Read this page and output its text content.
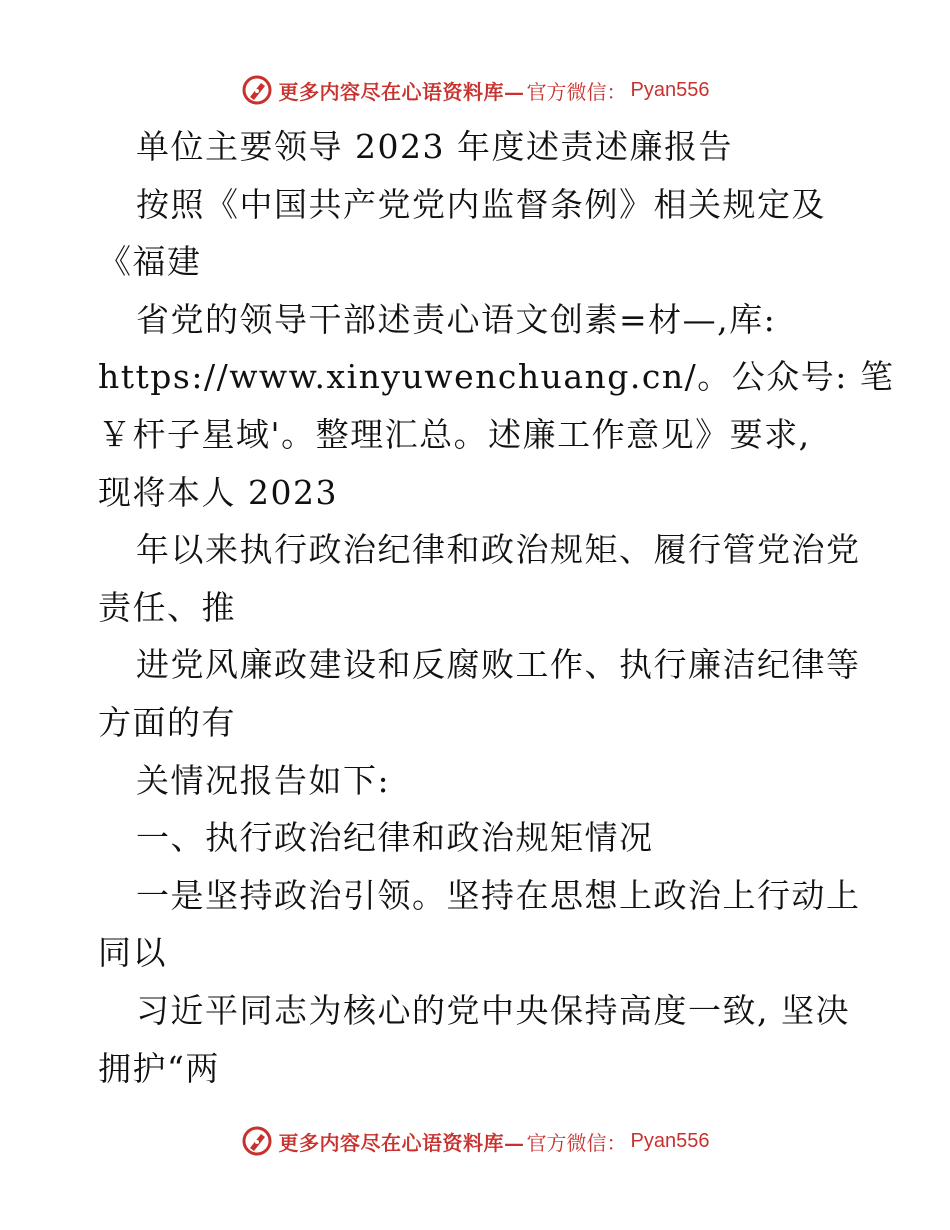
更多内容尽在心语资料库— 官方微信： Pyan556
单位主要领导 2023 年度述责述廉报告
按照《中国共产党党内监督条例》相关规定及
《福建
省党的领导干部述责心语文创素=材—,库:
https://www.xinyuwenchuang.cn/。公众号: 笔
￥杆子星域'。整理汇总。述廉工作意见》要求,
现将本人 2023
年以来执行政治纪律和政治规矩、履行管党治党
责任、推
进党风廉政建设和反腐败工作、执行廉洁纪律等
方面的有
关情况报告如下:
一、执行政治纪律和政治规矩情况
一是坚持政治引领。坚持在思想上政治上行动上
同以
习近平同志为核心的党中央保持高度一致, 坚决
拥护“两
更多内容尽在心语资料库— 官方微信： Pyan556
